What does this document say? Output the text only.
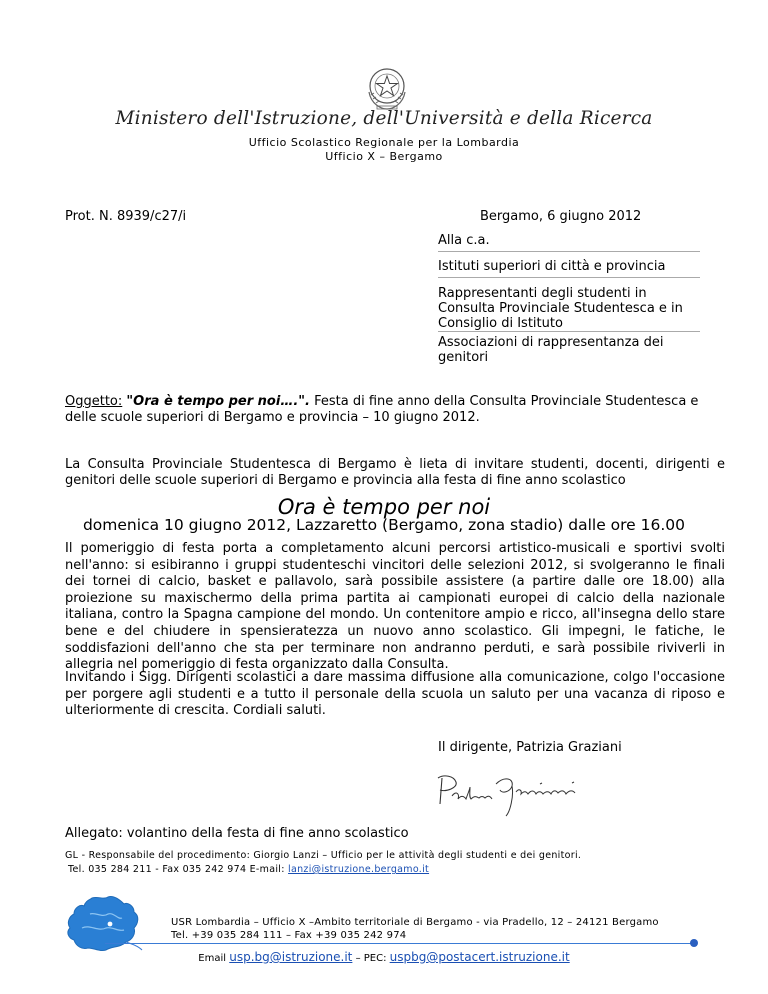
Ministero dell'Istruzione, dell'Università e della Ricerca
Ufficio Scolastico Regionale per la Lombardia
Ufficio X – Bergamo
Prot. N. 8939/c27/i	Bergamo, 6 giugno 2012
Alla c.a.
Istituti superiori di città e provincia
Rappresentanti degli studenti in Consulta Provinciale Studentesca e in Consiglio di Istituto
Associazioni di rappresentanza dei genitori
Oggetto: "Ora è tempo per noi….". Festa di fine anno della Consulta Provinciale Studentesca e delle scuole superiori di Bergamo e provincia – 10 giugno 2012.
La Consulta Provinciale Studentesca di Bergamo è lieta di invitare studenti, docenti, dirigenti e genitori delle scuole superiori di Bergamo e provincia alla festa di fine anno scolastico
Ora è tempo per noi
domenica 10 giugno 2012, Lazzaretto (Bergamo, zona stadio) dalle ore 16.00
Il pomeriggio di festa porta a completamento alcuni percorsi artistico-musicali e sportivi svolti nell'anno: si esibiranno i gruppi studenteschi vincitori delle selezioni 2012, si svolgeranno le finali dei tornei di calcio, basket e pallavolo, sarà possibile assistere (a partire dalle ore 18.00) alla proiezione su maxischermo della prima partita ai campionati europei di calcio della nazionale italiana, contro la Spagna campione del mondo. Un contenitore ampio e ricco, all'insegna dello stare bene e del chiudere in spensieratezza un nuovo anno scolastico. Gli impegni, le fatiche, le soddisfazioni dell'anno che sta per terminare non andranno perduti, e sarà possibile riviverli in allegria nel pomeriggio di festa organizzato dalla Consulta.
Invitando i Sigg. Dirigenti scolastici a dare massima diffusione alla comunicazione, colgo l'occasione per porgere agli studenti e a tutto il personale della scuola un saluto per una vacanza di riposo e ulteriormente di crescita. Cordiali saluti.
Il dirigente, Patrizia Graziani
Allegato: volantino della festa di fine anno scolastico
GL - Responsabile del procedimento: Giorgio Lanzi – Ufficio per le attività degli studenti e dei genitori.
Tel. 035 284 211 - Fax 035 242 974 E-mail: lanzi@istruzione.bergamo.it
USR Lombardia – Ufficio X –Ambito territoriale di Bergamo - via Pradello, 12 – 24121 Bergamo
Tel. +39 035 284 111 – Fax +39 035 242 974
Email usp.bg@istruzione.it – PEC: uspbg@postacert.istruzione.it
